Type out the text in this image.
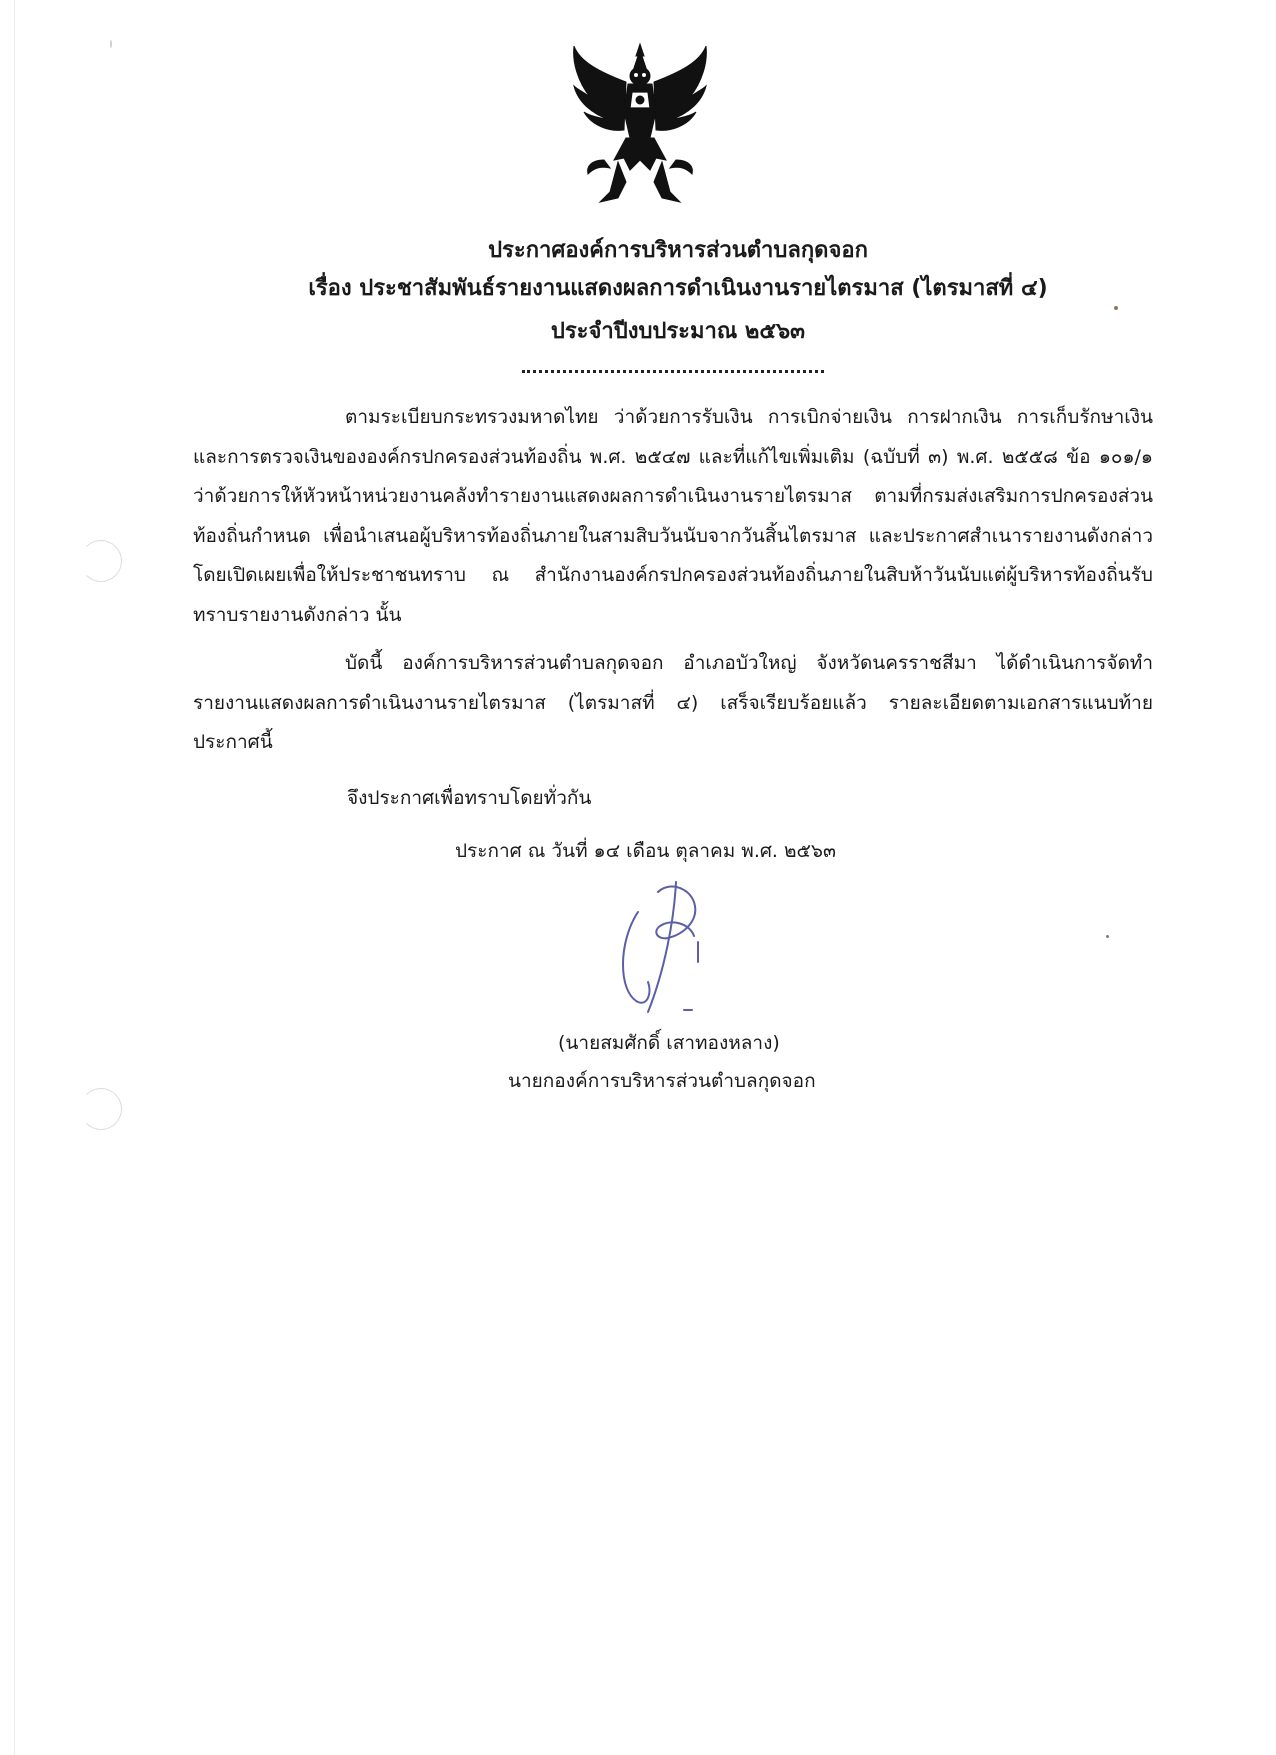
ประกาศองค์การบริหารส่วนตำบลกุดจอก
เรื่อง ประชาสัมพันธ์รายงานแสดงผลการดำเนินงานรายไตรมาส (ไตรมาสที่ ๔)
ประจำปีงบประมาณ ๒๕๖๓

ตามระเบียบกระทรวงมหาดไทย ว่าด้วยการรับเงิน การเบิกจ่ายเงิน การฝากเงิน การเก็บรักษาเงิน และการตรวจเงินขององค์กรปกครองส่วนท้องถิ่น พ.ศ. ๒๕๔๗ และที่แก้ไขเพิ่มเติม (ฉบับที่ ๓) พ.ศ. ๒๕๕๘ ข้อ ๑๐๑/๑ ว่าด้วยการให้หัวหน้าหน่วยงานคลังทำรายงานแสดงผลการดำเนินงานรายไตรมาส ตามที่กรมส่งเสริมการปกครองส่วนท้องถิ่นกำหนด เพื่อนำเสนอผู้บริหารท้องถิ่นภายในสามสิบวันนับจากวันสิ้นไตรมาส และประกาศสำเนารายงานดังกล่าวโดยเปิดเผยเพื่อให้ประชาชนทราบ ณ สำนักงานองค์กรปกครองส่วนท้องถิ่นภายในสิบห้าวันนับแต่ผู้บริหารท้องถิ่นรับทราบรายงานดังกล่าว นั้น

บัดนี้ องค์การบริหารส่วนตำบลกุดจอก อำเภอบัวใหญ่ จังหวัดนครราชสีมา ได้ดำเนินการจัดทำรายงานแสดงผลการดำเนินงานรายไตรมาส (ไตรมาสที่ ๔) เสร็จเรียบร้อยแล้ว รายละเอียดตามเอกสารแนบท้ายประกาศนี้

จึงประกาศเพื่อทราบโดยทั่วกัน
ประกาศ ณ วันที่ ๑๔ เดือน ตุลาคม พ.ศ. ๒๕๖๓
(นายสมศักดิ์ เสาทองหลาง)
นายกองค์การบริหารส่วนตำบลกุดจอก
